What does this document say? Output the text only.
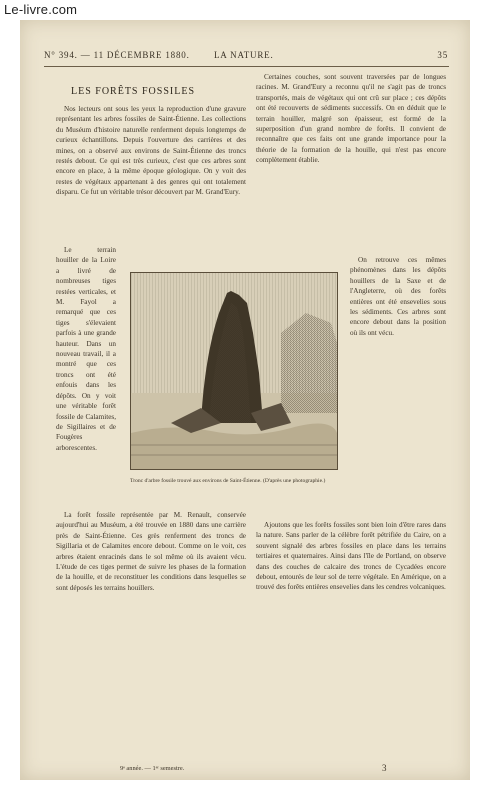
Le-livre.com
N° 394. — 11 DÉCEMBRE 1880.	LA NATURE.	35
LES FORÊTS FOSSILES

Nos lecteurs ont sous les yeux la reproduction d'une gravure représentant les arbres fossiles de Saint-Étienne. Les collections du Muséum d'histoire naturelle renferment depuis longtemps de curieux échantillons. Depuis l'ouverture des carrières et des mines, on a observé aux environs de Saint-Étienne des troncs restés debout. Ce qui est très curieux, c'est que ces arbres sont encore en place, à la même époque géologique. On y voit des restes de végétaux appartenant à des genres qui ont totalement disparu. Ce fut un véritable trésor découvert par M. Grand'Eury.

Le terrain houiller de la Loire a livré de nombreuses tiges restées verticales, et M. Fayol a remarqué que ces tiges s'élevaient parfois à une grande hauteur. Dans un nouveau travail, il a montré que ces troncs ont été enfouis dans les dépôts. On y voit une véritable forêt fossile de Calamites, de Sigillaires et de Fougères arborescentes.

Certaines couches, sont souvent traversées par de longues racines. M. Grand'Eury a reconnu qu'il ne s'agit pas de troncs transportés, mais de végétaux qui ont crû sur place ; ces dépôts ont été recouverts de sédiments successifs. On en déduit que le terrain houiller, malgré son épaisseur, est formé de la superposition d'un grand nombre de forêts. Il convient de reconnaître que ces faits ont une grande importance pour la théorie de la formation de la houille, qui n'est pas encore complètement établie.

On retrouve ces mêmes phénomènes dans les dépôts houillers de la Saxe et de l'Angleterre, où des forêts entières ont été ensevelies sous les sédiments. Ces arbres sont encore debout dans la position où ils ont vécu.

Tronc d'arbre fossile trouvé aux environs de Saint-Étienne. (D'après une photographie.)

La forêt fossile représentée par M. Renault, conservée aujourd'hui au Muséum, a été trouvée en 1880 dans une carrière près de Saint-Étienne. Ces grès renferment des troncs de Sigillaria et de Calamites encore debout. Comme on le voit, ces arbres étaient enracinés dans le sol même où ils avaient vécu. L'étude de ces tiges permet de suivre les phases de la formation de la houille, et de reconstituer les conditions dans lesquelles se sont déposés les terrains houillers.

Ajoutons que les forêts fossiles sont bien loin d'être rares dans la nature. Sans parler de la célèbre forêt pétrifiée du Caire, on a souvent signalé des arbres fossiles en place dans les terrains tertiaires et quaternaires. Ainsi dans l'île de Portland, on observe dans des couches de calcaire des troncs de Cycadées encore debout, entourés de leur sol de terre végétale. En Amérique, on a trouvé des forêts entières ensevelies dans les cendres volcaniques.

9ᵉ année. — 1ᵉʳ semestre.	3
